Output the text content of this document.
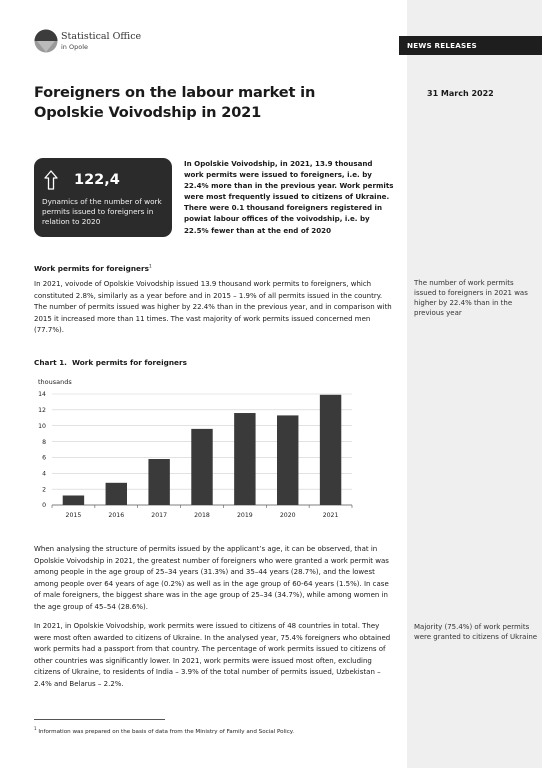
Statistical Office
in Opole	NEWS RELEASES
Foreigners on the labour market in Opolskie Voivodship in 2021
31 March 2022
122,4
Dynamics of the number of work permits issued to foreigners in relation to 2020
In Opolskie Voivodship, in 2021, 13.9 thousand work permits were issued to foreigners, i.e. by 22.4% more than in the previous year. Work permits were most frequently issued to citizens of Ukraine. There were 0.1 thousand foreigners registered in powiat labour offices of the voivodship, i.e. by 22.5% fewer than at the end of 2020
Work permits for foreigners$^1$
In 2021, voivode of Opolskie Voivodship issued 13.9 thousand work permits to foreigners, which constituted 2.8%, similarly as a year before and in 2015 – 1.9% of all permits issued in the country. The number of permits issued was higher by 22.4% than in the previous year, and in comparison with 2015 it increased more than 11 times. The vast majority of work permits issued concerned men (77.7%).
The number of work permits issued to foreigners in 2021 was higher by 22.4% than in the previous year
Chart 1. Work permits for foreigners
thousands
0
2
4
6
8
10
12
14
2015	2016	2017	2018	2019	2020	2021
When analysing the structure of permits issued by the applicant’s age, it can be observed, that in Opolskie Voivodship in 2021, the greatest number of foreigners who were granted a work permit was among people in the age group of 25–34 years (31.3%) and 35–44 years (28.7%), and the lowest among people over 64 years of age (0.2%) as well as in the age group of 60-64 years (1.5%). In case of male foreigners, the biggest share was in the age group of 25–34 (34.7%), while among women in the age group of 45–54 (28.6%).
In 2021, in Opolskie Voivodship, work permits were issued to citizens of 48 countries in total. They were most often awarded to citizens of Ukraine. In the analysed year, 75.4% foreigners who obtained work permits had a passport from that country. The percentage of work permits issued to citizens of other countries was significantly lower. In 2021, work permits were issued most often, excluding citizens of Ukraine, to residents of India – 3.9% of the total number of permits issued, Uzbekistan – 2.4% and Belarus – 2.2%.
Majority (75.4%) of work permits were granted to citizens of Ukraine
$^1$ Information was prepared on the basis of data from the Ministry of Family and Social Policy.
